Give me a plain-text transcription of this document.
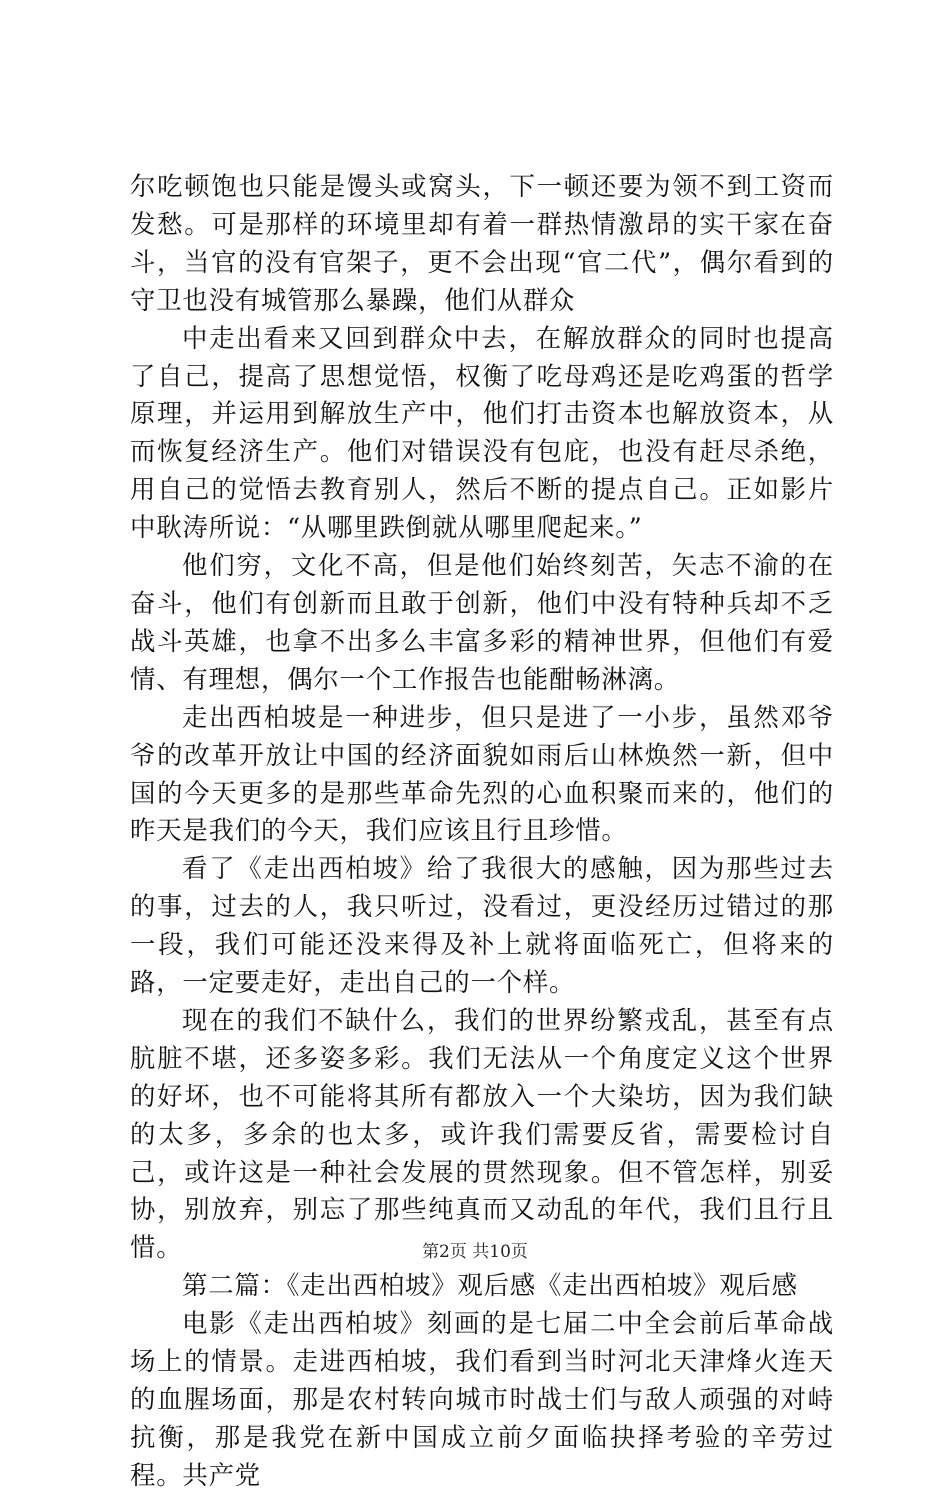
尔吃顿饱也只能是馒头或窝头，下一顿还要为领不到工资而发愁。可是那样的环境里却有着一群热情激昂的实干家在奋斗，当官的没有官架子，更不会出现“官二代”，偶尔看到的守卫也没有城管那么暴躁，他们从群众

中走出看来又回到群众中去，在解放群众的同时也提高了自己，提高了思想觉悟，权衡了吃母鸡还是吃鸡蛋的哲学原理，并运用到解放生产中，他们打击资本也解放资本，从而恢复经济生产。他们对错误没有包庇，也没有赶尽杀绝，用自己的觉悟去教育别人，然后不断的提点自己。正如影片中耿涛所说：“从哪里跌倒就从哪里爬起来。”

他们穷，文化不高，但是他们始终刻苦，矢志不渝的在奋斗，他们有创新而且敢于创新，他们中没有特种兵却不乏战斗英雄，也拿不出多么丰富多彩的精神世界，但他们有爱情、有理想，偶尔一个工作报告也能酣畅淋漓。

走出西柏坡是一种进步，但只是进了一小步，虽然邓爷爷的改革开放让中国的经济面貌如雨后山林焕然一新，但中国的今天更多的是那些革命先烈的心血积聚而来的，他们的昨天是我们的今天，我们应该且行且珍惜。

看了《走出西柏坡》给了我很大的感触，因为那些过去的事，过去的人，我只听过，没看过，更没经历过错过的那一段，我们可能还没来得及补上就将面临死亡，但将来的路，一定要走好，走出自己的一个样。

现在的我们不缺什么，我们的世界纷繁戎乱，甚至有点肮脏不堪，还多姿多彩。我们无法从一个角度定义这个世界的好坏，也不可能将其所有都放入一个大染坊，因为我们缺的太多，多余的也太多，或许我们需要反省，需要检讨自己，或许这是一种社会发展的贯然现象。但不管怎样，别妥协，别放弃，别忘了那些纯真而又动乱的年代，我们且行且惜。

第二篇：《走出西柏坡》观后感《走出西柏坡》观后感

电影《走出西柏坡》刻画的是七届二中全会前后革命战场上的情景。走进西柏坡，我们看到当时河北天津烽火连天的血腥场面，那是农村转向城市时战士们与敌人顽强的对峙抗衡，那是我党在新中国成立前夕面临抉择考验的辛劳过程。共产党

第2页 共10页
